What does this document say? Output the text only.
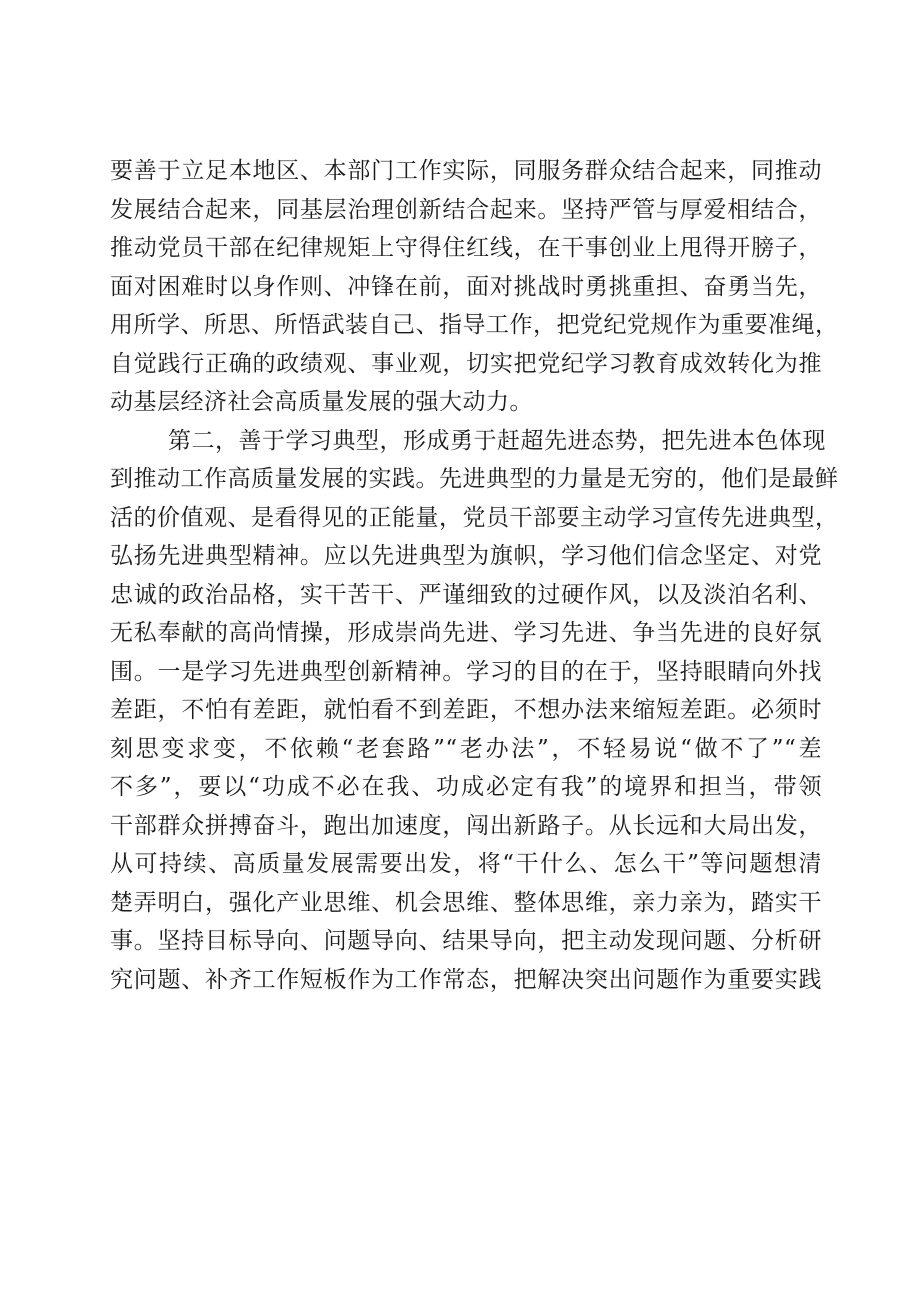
要善于立足本地区、本部门工作实际，同服务群众结合起来，同推动
发展结合起来，同基层治理创新结合起来。坚持严管与厚爱相结合，
推动党员干部在纪律规矩上守得住红线，在干事创业上甩得开膀子，
面对困难时以身作则、冲锋在前，面对挑战时勇挑重担、奋勇当先，
用所学、所思、所悟武装自己、指导工作，把党纪党规作为重要准绳，
自觉践行正确的政绩观、事业观，切实把党纪学习教育成效转化为推
动基层经济社会高质量发展的强大动力。
第二，善于学习典型，形成勇于赶超先进态势，把先进本色体现
到推动工作高质量发展的实践。先进典型的力量是无穷的，他们是最鲜
活的价值观、是看得见的正能量，党员干部要主动学习宣传先进典型，
弘扬先进典型精神。应以先进典型为旗帜，学习他们信念坚定、对党
忠诚的政治品格，实干苦干、严谨细致的过硬作风，以及淡泊名利、
无私奉献的高尚情操，形成崇尚先进、学习先进、争当先进的良好氛
围。一是学习先进典型创新精神。学习的目的在于，坚持眼睛向外找
差距，不怕有差距，就怕看不到差距，不想办法来缩短差距。必须时
刻思变求变，不依赖“老套路”“老办法”，不轻易说“做不了”“差
不多”，要以“功成不必在我、功成必定有我”的境界和担当，带领
干部群众拼搏奋斗，跑出加速度，闯出新路子。从长远和大局出发，
从可持续、高质量发展需要出发，将“干什么、怎么干”等问题想清
楚弄明白，强化产业思维、机会思维、整体思维，亲力亲为，踏实干
事。坚持目标导向、问题导向、结果导向，把主动发现问题、分析研
究问题、补齐工作短板作为工作常态，把解决突出问题作为重要实践
